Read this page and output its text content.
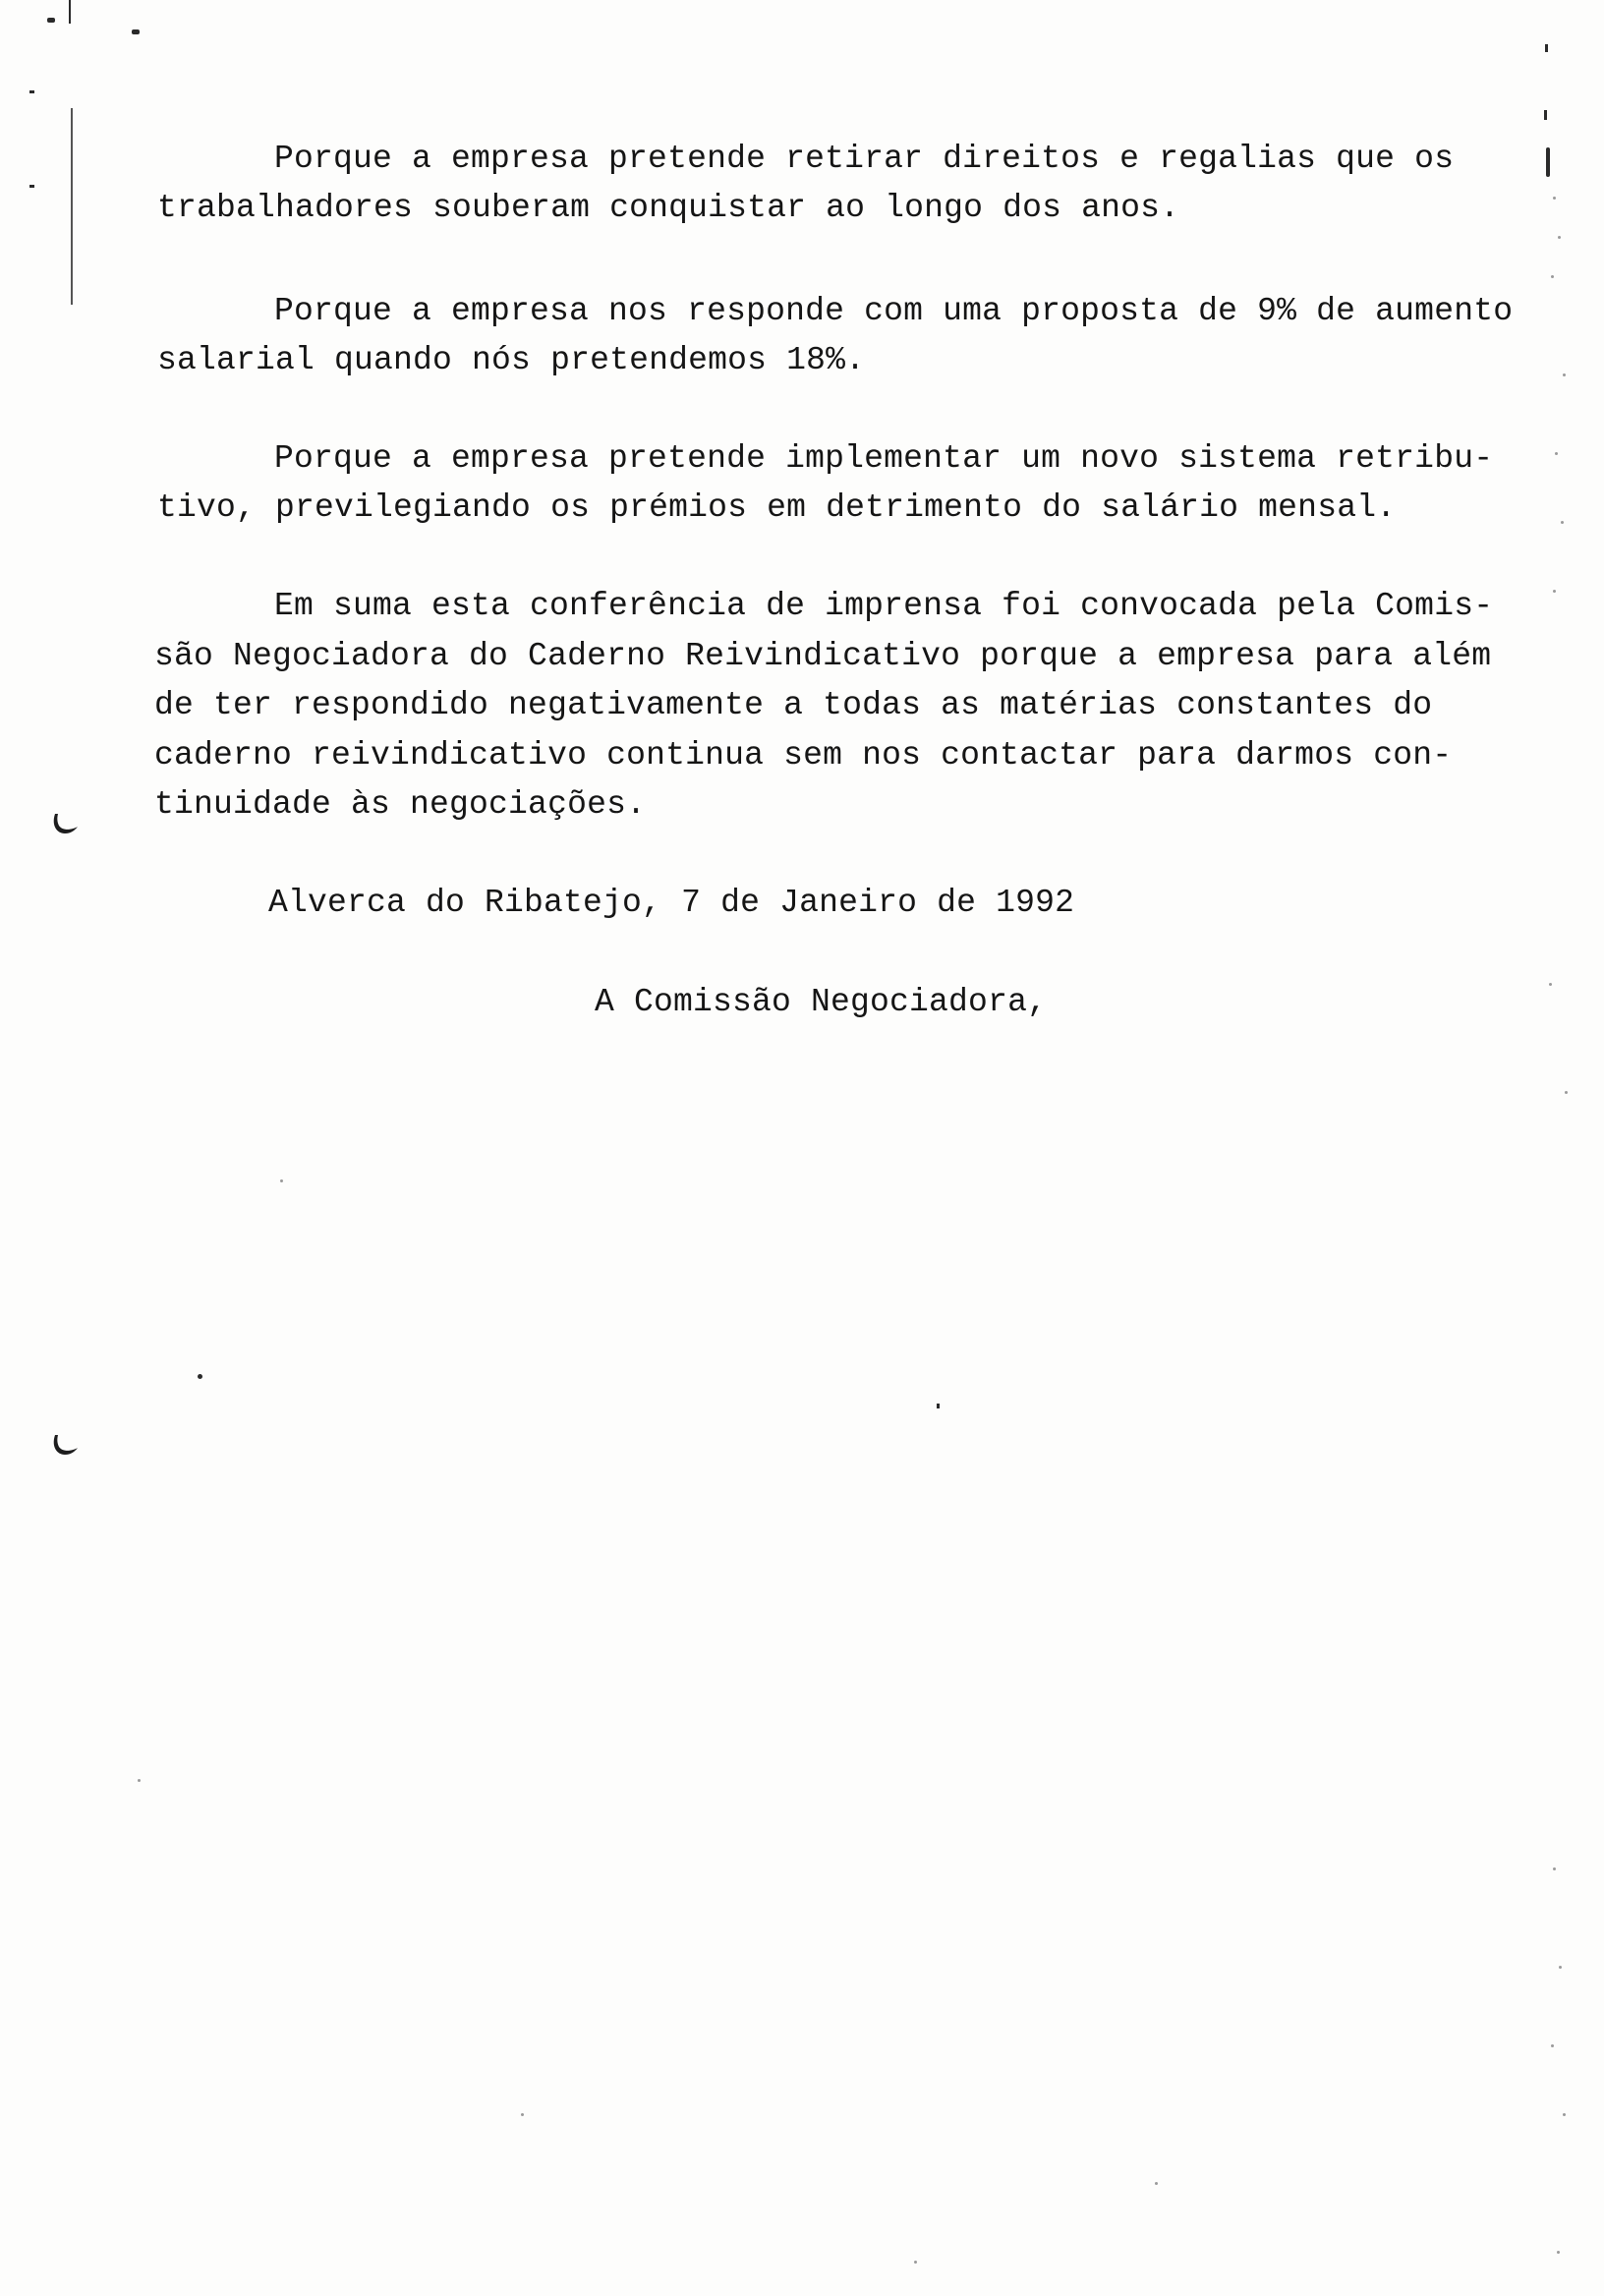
Porque a empresa pretende retirar direitos e regalias que os
trabalhadores souberam conquistar ao longo dos anos.
Porque a empresa nos responde com uma proposta de 9% de aumento
salarial quando nós pretendemos 18%.
Porque a empresa pretende implementar um novo sistema retribu-
tivo, previlegiando os prémios em detrimento do salário mensal.
Em suma esta conferência de imprensa foi convocada pela Comis-
são Negociadora do Caderno Reivindicativo porque a empresa para além
de ter respondido negativamente a todas as matérias constantes do
caderno reivindicativo continua sem nos contactar para darmos con-
tinuidade às negociações.
Alverca do Ribatejo, 7 de Janeiro de 1992
A Comissão Negociadora,
